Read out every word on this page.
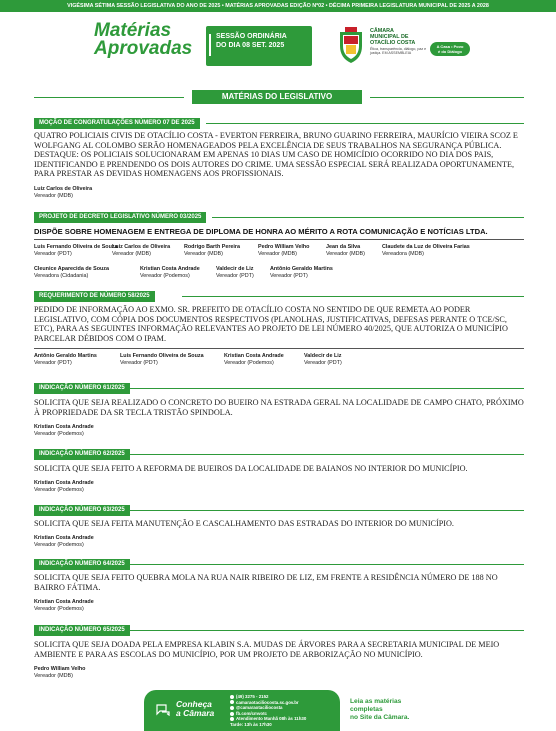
VIGÉSIMA SÉTIMA SESSÃO LEGISLATIVA DO ANO DE 2025 • MATÉRIAS APROVADAS EDIÇÃO Nº02 • DÉCIMA PRIMEIRA LEGISLATURA MUNICIPAL DE 2025 A 2028
Matérias
Aprovadas
SESSÃO ORDINÁRIA
DO DIA 08 SET. 2025
CÂMARA
MUNICIPAL DE
OTACÍLIO COSTA
Ética, transparência, diálogo, paz e justiça. EM ASSEMBLEIA
A Casa • Povo
é do Diálogo
MATÉRIAS DO LEGISLATIVO
MOÇÃO DE CONGRATULAÇÕES NÚMERO 07 DE 2025
QUATRO POLICIAIS CIVIS DE OTACÍLIO COSTA - EVERTON FERREIRA, BRUNO GUARINO FERREIRA, MAURÍCIO VIEIRA SCOZ E WOLFGANG AL COLOMBO SERÃO HOMENAGEADOS PELA EXCELÊNCIA DE SEUS TRABALHOS NA SEGURANÇA PÚBLICA. DESTAQUE: OS POLICIAIS SOLUCIONARAM EM APENAS 10 DIAS UM CASO DE HOMICÍDIO OCORRIDO NO DIA DOS PAIS, IDENTIFICANDO E PRENDENDO OS DOIS AUTORES DO CRIME. UMA SESSÃO ESPECIAL SERÁ REALIZADA OPORTUNAMENTE, PARA PRESTAR AS DEVIDAS HOMENAGENS AOS PROFISSIONAIS.
Luiz Carlos de Oliveira
Vereador (MDB)
PROJETO DE DECRETO LEGISLATIVO NÚMERO 03/2025
DISPÕE SOBRE HOMENAGEM E ENTREGA DE DIPLOMA DE HONRA AO MÉRITO A ROTA COMUNICAÇÃO E NOTÍCIAS LTDA.
Luis Fernando Oliveira de Souza
Vereador (PDT)
Luiz Carlos de Oliveira
Vereador (MDB)
Rodrigo Barth Pereira
Vereador (MDB)
Pedro William Velho
Vereador (MDB)
Jean da Silva
Vereador (MDB)
Claudete da Luz de Oliveira Farias
Vereadora (MDB)
Cleunice Aparecida de Souza
Vereadora (Cidadania)
Kristian Costa Andrade
Vereador (Podemos)
Valdecir de Liz
Vereador (PDT)
Antônio Geraldo Martins
Vereador (PDT)
REQUERIMENTO DE NÚMERO 58/2025
PEDIDO DE INFORMAÇÃO AO EXMO. SR. PREFEITO DE OTACÍLIO COSTA NO SENTIDO DE QUE REMETA AO PODER LEGISLATIVO, COM CÓPIA DOS DOCUMENTOS RESPECTIVOS (PLANOLHAS, JUSTIFICATIVAS, DEFESAS PERANTE O TCE/SC, ETC), PARA AS SEGUINTES INFORMAÇÃO RELEVANTES AO PROJETO DE LEI NÚMERO 40/2025, QUE AUTORIZA O MUNICÍPIO PARCELAR DÉBIDOS COM O IPAM.
Antônio Geraldo Martins
Vereador (PDT)
Luis Fernando Oliveira de Souza
Vereador (PDT)
Kristian Costa Andrade
Vereador (Podemos)
Valdecir de Liz
Vereador (PDT)
INDICAÇÃO NÚMERO 61/2025
SOLICITA QUE SEJA REALIZADO O CONCRETO DO BUEIRO NA ESTRADA GERAL NA LOCALIDADE DE CAMPO CHATO, PRÓXIMO À PROPRIEDADE DA SR TECLA TRISTÃO SPINDOLA.
Kristian Costa Andrade
Vereador (Podemos)
INDICAÇÃO NÚMERO 62/2025
SOLICITA QUE SEJA FEITO A REFORMA DE BUEIROS DA LOCALIDADE DE BAIANOS NO INTERIOR DO MUNICÍPIO.
Kristian Costa Andrade
Vereador (Podemos)
INDICAÇÃO NÚMERO 63/2025
SOLICITA QUE SEJA FEITA MANUTENÇÃO E CASCALHAMENTO DAS ESTRADAS DO INTERIOR DO MUNICÍPIO.
Kristian Costa Andrade
Vereador (Podemos)
INDICAÇÃO NÚMERO 64/2025
SOLICITA QUE SEJA FEITO QUEBRA MOLA NA RUA NAIR RIBEIRO DE LIZ, EM FRENTE A RESIDÊNCIA NÚMERO DE 188 NO BAIRRO FÁTIMA.
Kristian Costa Andrade
Vereador (Podemos)
INDICAÇÃO NÚMERO 65/2025
SOLICITA QUE SEJA DOADA PELA EMPRESA KLABIN S.A. MUDAS DE ÁRVORES PARA A SECRETARIA MUNICIPAL DE MEIO AMBIENTE E PARA AS ESCOLAS DO MUNICÍPIO, POR UM PROJETO DE ARBORIZAÇÃO NO MUNICÍPIO.
Pedro William Velho
Vereador (MDB)
Conheça
a Câmara
(49) 3275 - 2152
camaraotaciliocosta.sc.gov.br
@camaraotaciliocosta
fb.com/cmvotc
Atendimento Manhã 08h às 11h30
Tarde: 13h às 17h30
Leia as matérias
completas
no Site da Câmara.
